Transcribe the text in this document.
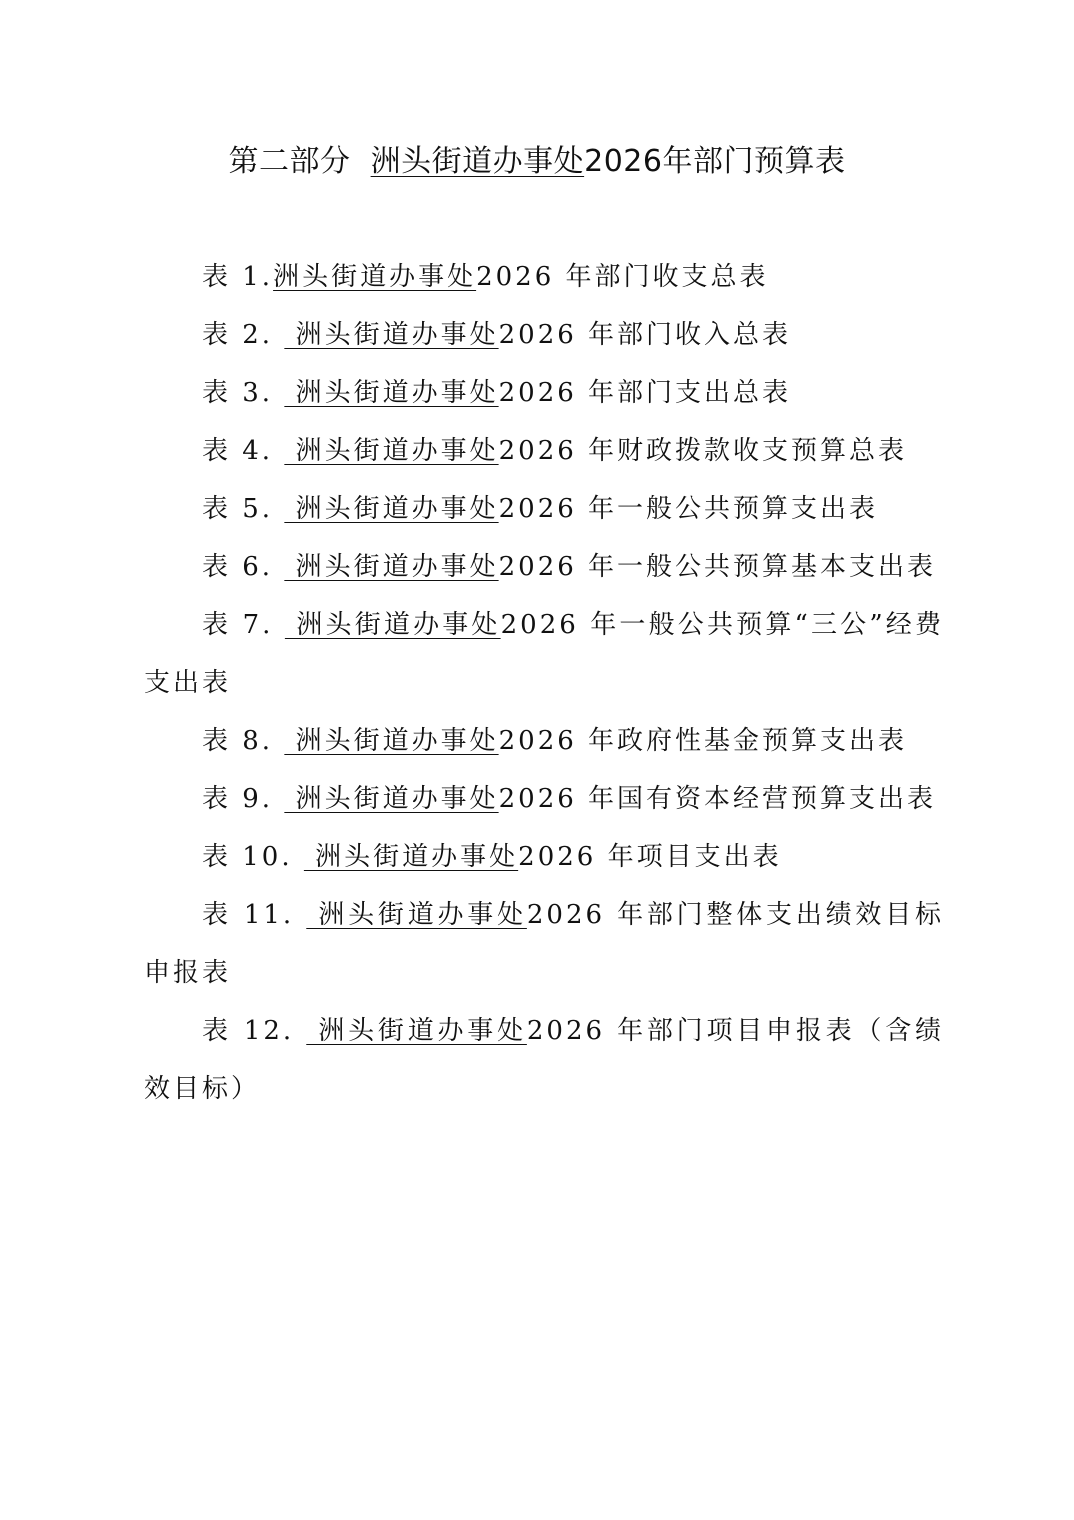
第二部分  洲头街道办事处2026年部门预算表
表 1.洲头街道办事处2026 年部门收支总表
表 2.  洲头街道办事处2026 年部门收入总表
表 3.  洲头街道办事处2026 年部门支出总表
表 4.  洲头街道办事处2026 年财政拨款收支预算总表
表 5.  洲头街道办事处2026 年一般公共预算支出表
表 6.  洲头街道办事处2026 年一般公共预算基本支出表
表 7.  洲头街道办事处2026 年一般公共预算“三公”经费支出表
表 8.  洲头街道办事处2026 年政府性基金预算支出表
表 9.  洲头街道办事处2026 年国有资本经营预算支出表
表 10.  洲头街道办事处2026 年项目支出表
表 11.  洲头街道办事处2026 年部门整体支出绩效目标申报表
表 12.  洲头街道办事处2026 年部门项目申报表（含绩效目标）
